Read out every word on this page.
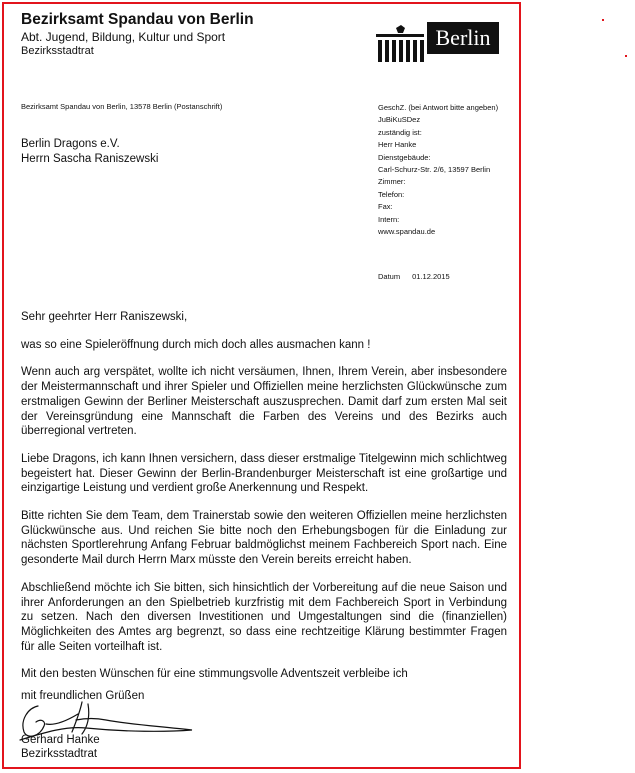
Bezirksamt Spandau von Berlin
Abt. Jugend, Bildung, Kultur und Sport
Bezirksstadtrat
Berlin
Bezirksamt Spandau von Berlin, 13578 Berlin (Postanschrift)
Berlin Dragons e.V.
Herrn Sascha Raniszewski
GeschZ. (bei Antwort bitte angeben)
JuBiKuSDez
zuständig ist:
Herr Hanke
Dienstgebäude:
Carl-Schurz-Str. 2/6, 13597 Berlin
Zimmer:
Telefon:
Fax:
Intern:
www.spandau.de
Datum 01.12.2015

Sehr geehrter Herr Raniszewski,

was so eine Spieleröffnung durch mich doch alles ausmachen kann !

Wenn auch arg verspätet, wollte ich nicht versäumen, Ihnen, Ihrem Verein, aber insbesondere der Meistermannschaft und ihrer Spieler und Offiziellen meine herzlichsten Glückwünsche zum erstmaligen Gewinn der Berliner Meisterschaft auszusprechen. Damit darf zum ersten Mal seit der Vereinsgründung eine Mannschaft die Farben des Vereins und des Bezirks auch überregional vertreten.

Liebe Dragons, ich kann Ihnen versichern, dass dieser erstmalige Titelgewinn mich schlichtweg begeistert hat. Dieser Gewinn der Berlin-Brandenburger Meisterschaft ist eine großartige und einzigartige Leistung und verdient große Anerkennung und Respekt.

Bitte richten Sie dem Team, dem Trainerstab sowie den weiteren Offiziellen meine herzlichsten Glückwünsche aus. Und reichen Sie bitte noch den Erhebungsbogen für die Einladung zur nächsten Sportlerehrung Anfang Februar baldmöglichst meinem Fachbereich Sport nach. Eine gesonderte Mail durch Herrn Marx müsste den Verein bereits erreicht haben.

Abschließend möchte ich Sie bitten, sich hinsichtlich der Vorbereitung auf die neue Saison und ihrer Anforderungen an den Spielbetrieb kurzfristig mit dem Fachbereich Sport in Verbindung zu setzen. Nach den diversen Investitionen und Umgestaltungen sind die (finanziellen) Möglichkeiten des Amtes arg begrenzt, so dass eine rechtzeitige Klärung bestimmter Fragen für alle Seiten vorteilhaft ist.

Mit den besten Wünschen für eine stimmungsvolle Adventszeit verbleibe ich

mit freundlichen Grüßen
Gerhard Hanke
Bezirksstadtrat
